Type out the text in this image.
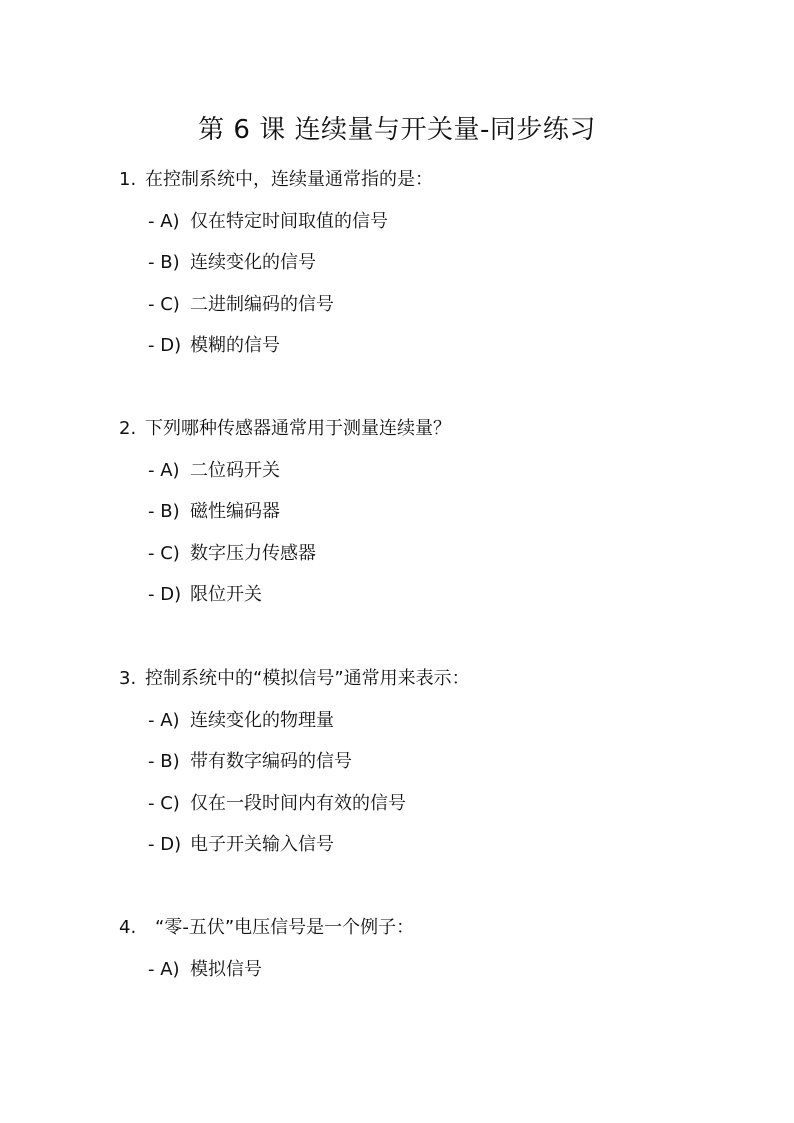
第 6 课 连续量与开关量-同步练习
1. 在控制系统中，连续量通常指的是：
- A) 仅在特定时间取值的信号
- B) 连续变化的信号
- C) 二进制编码的信号
- D) 模糊的信号
2. 下列哪种传感器通常用于测量连续量？
- A) 二位码开关
- B) 磁性编码器
- C) 数字压力传感器
- D) 限位开关
3. 控制系统中的“模拟信号”通常用来表示：
- A) 连续变化的物理量
- B) 带有数字编码的信号
- C) 仅在一段时间内有效的信号
- D) 电子开关输入信号
4. “零-五伏”电压信号是一个例子：
- A) 模拟信号
